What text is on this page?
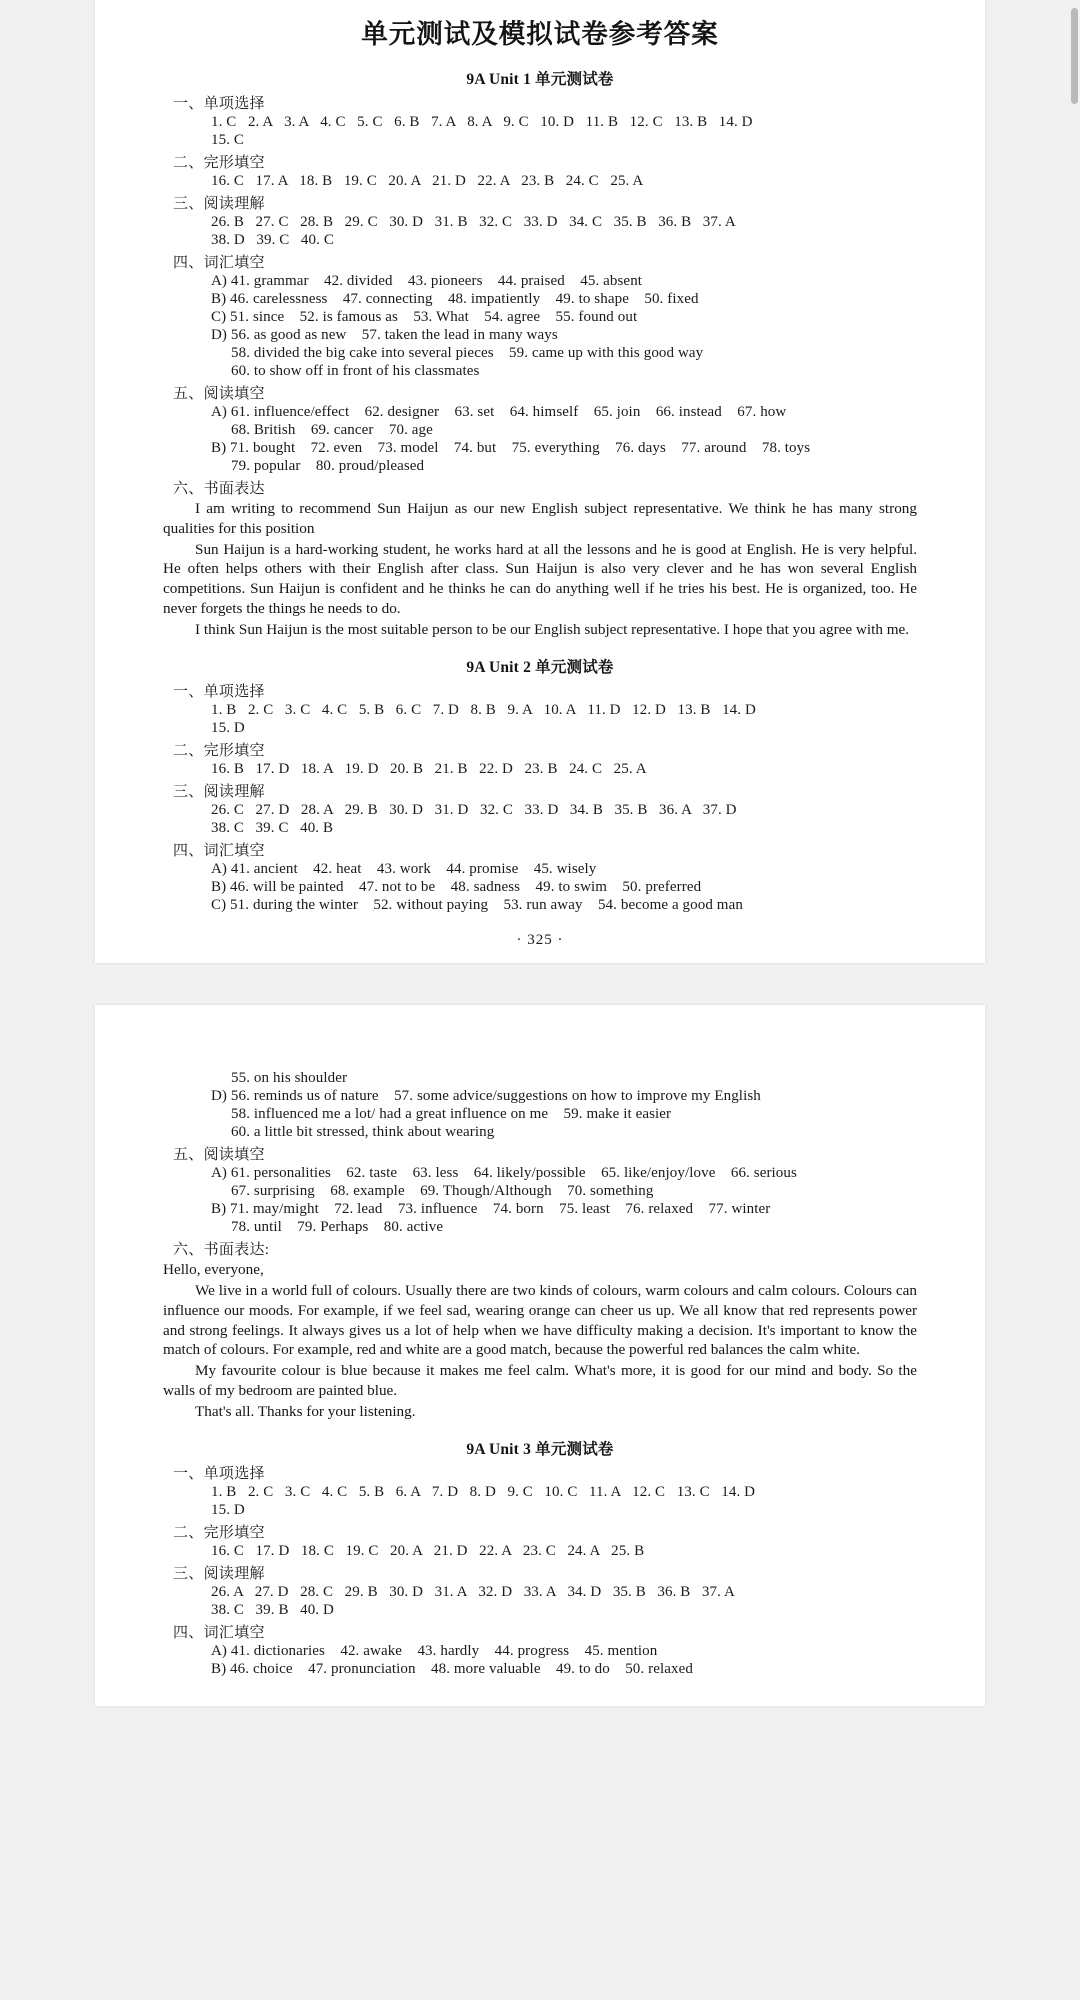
单元测试及模拟试卷参考答案
9A Unit 1 单元测试卷
一、单项选择
1. C   2. A   3. A   4. C   5. C   6. B   7. A   8. A   9. C   10. D   11. B   12. C   13. B   14. D
15. C
二、完形填空
16. C   17. A   18. B   19. C   20. A   21. D   22. A   23. B   24. C   25. A
三、阅读理解
26. B   27. C   28. B   29. C   30. D   31. B   32. C   33. D   34. C   35. B   36. B   37. A
38. D   39. C   40. C
四、词汇填空
A) 41. grammar    42. divided    43. pioneers    44. praised    45. absent
B) 46. carelessness    47. connecting    48. impatiently    49. to shape    50. fixed
C) 51. since    52. is famous as    53. What    54. agree    55. found out
D) 56. as good as new    57. taken the lead in many ways
58. divided the big cake into several pieces    59. came up with this good way
60. to show off in front of his classmates
五、阅读填空
A) 61. influence/effect    62. designer    63. set    64. himself    65. join    66. instead    67. how
68. British    69. cancer    70. age
B) 71. bought    72. even    73. model    74. but    75. everything    76. days    77. around    78. toys
79. popular    80. proud/pleased
六、书面表达
I am writing to recommend Sun Haijun as our new English subject representative. We think he has many strong qualities for this position
Sun Haijun is a hard-working student, he works hard at all the lessons and he is good at English. He is very helpful. He often helps others with their English after class. Sun Haijun is also very clever and he has won several English competitions. Sun Haijun is confident and he thinks he can do anything well if he tries his best. He is organized, too. He never forgets the things he needs to do.
I think Sun Haijun is the most suitable person to be our English subject representative. I hope that you agree with me.
9A Unit 2 单元测试卷
一、单项选择
1. B   2. C   3. C   4. C   5. B   6. C   7. D   8. B   9. A   10. A   11. D   12. D   13. B   14. D
15. D
二、完形填空
16. B   17. D   18. A   19. D   20. B   21. B   22. D   23. B   24. C   25. A
三、阅读理解
26. C   27. D   28. A   29. B   30. D   31. D   32. C   33. D   34. B   35. B   36. A   37. D
38. C   39. C   40. B
四、词汇填空
A) 41. ancient    42. heat    43. work    44. promise    45. wisely
B) 46. will be painted    47. not to be    48. sadness    49. to swim    50. preferred
C) 51. during the winter    52. without paying    53. run away    54. become a good man
· 325 ·
55. on his shoulder
D) 56. reminds us of nature    57. some advice/suggestions on how to improve my English
58. influenced me a lot/ had a great influence on me    59. make it easier
60. a little bit stressed, think about wearing
五、阅读填空
A) 61. personalities    62. taste    63. less    64. likely/possible    65. like/enjoy/love    66. serious
67. surprising    68. example    69. Though/Although    70. something
B) 71. may/might    72. lead    73. influence    74. born    75. least    76. relaxed    77. winter
78. until    79. Perhaps    80. active
六、书面表达:
Hello, everyone,
We live in a world full of colours. Usually there are two kinds of colours, warm colours and calm colours. Colours can influence our moods. For example, if we feel sad, wearing orange can cheer us up. We all know that red represents power and strong feelings. It always gives us a lot of help when we have difficulty making a decision. It's important to know the match of colours. For example, red and white are a good match, because the powerful red balances the calm white.
My favourite colour is blue because it makes me feel calm. What's more, it is good for our mind and body. So the walls of my bedroom are painted blue.
That's all. Thanks for your listening.
9A Unit 3 单元测试卷
一、单项选择
1. B   2. C   3. C   4. C   5. B   6. A   7. D   8. D   9. C   10. C   11. A   12. C   13. C   14. D
15. D
二、完形填空
16. C   17. D   18. C   19. C   20. A   21. D   22. A   23. C   24. A   25. B
三、阅读理解
26. A   27. D   28. C   29. B   30. D   31. A   32. D   33. A   34. D   35. B   36. B   37. A
38. C   39. B   40. D
四、词汇填空
A) 41. dictionaries    42. awake    43. hardly    44. progress    45. mention
B) 46. choice    47. pronunciation    48. more valuable    49. to do    50. relaxed
